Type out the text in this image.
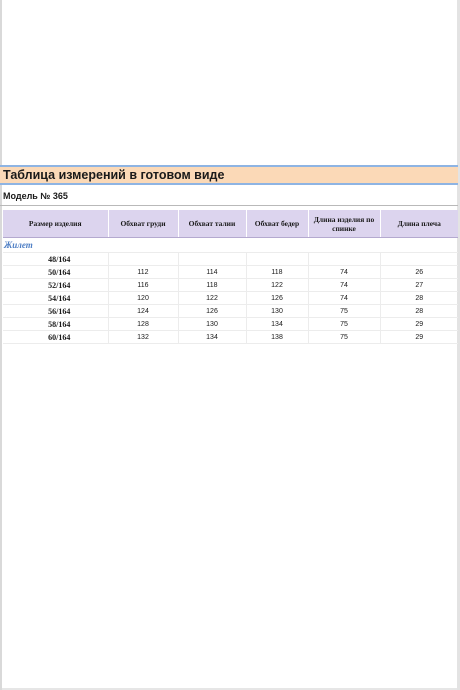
Таблица измерений в готовом виде
Модель № 365
Размер изделия	Обхват груди	Обхват талии	Обхват бедер	Длина изделия по спинке	Длина плеча
Жилет					
48/164					
50/164	112	114	118	74	26
52/164	116	118	122	74	27
54/164	120	122	126	74	28
56/164	124	126	130	75	28
58/164	128	130	134	75	29
60/164	132	134	138	75	29
